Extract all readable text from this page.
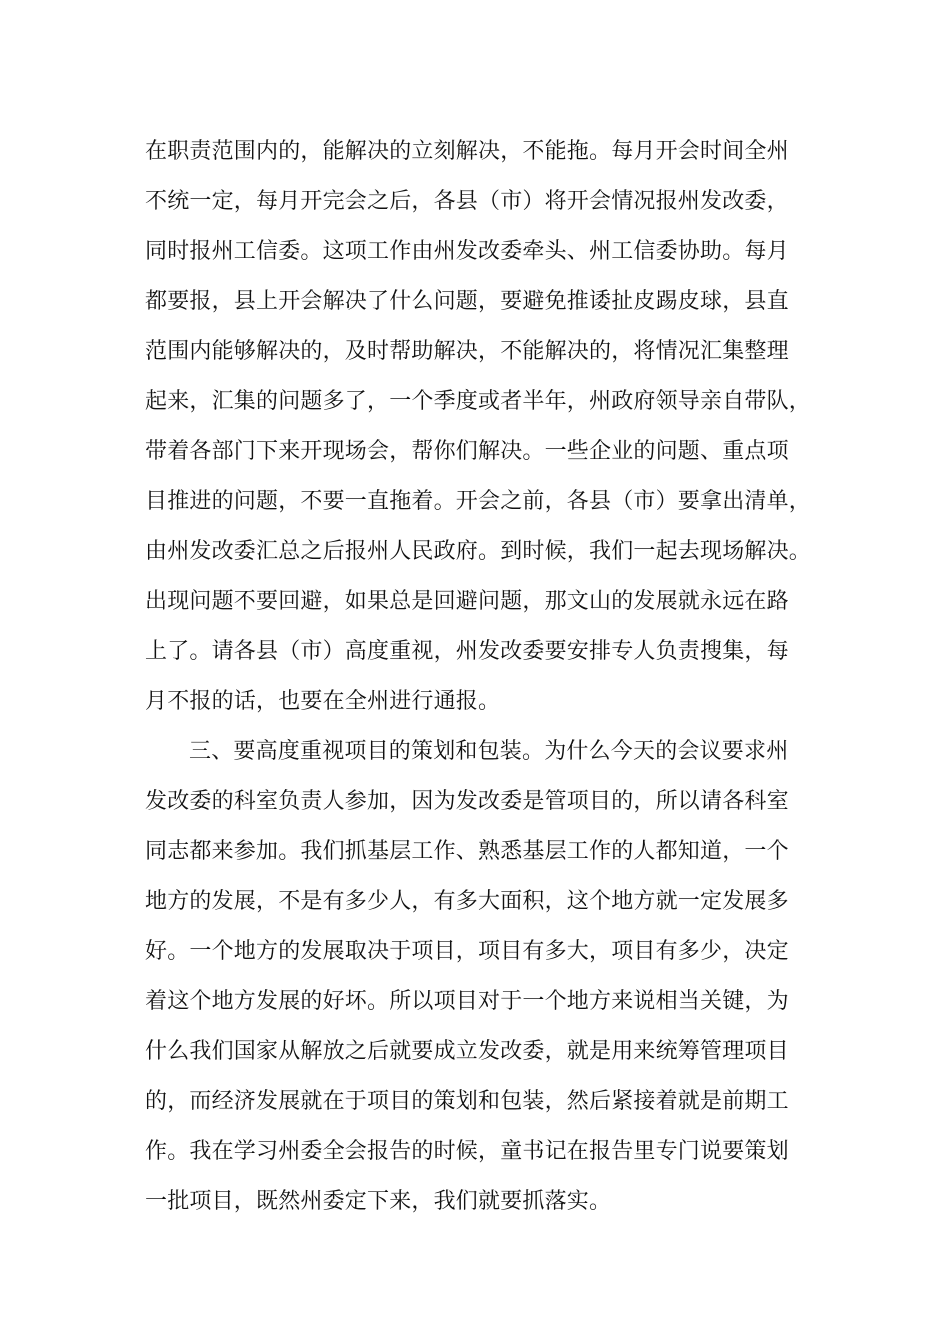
在职责范围内的，能解决的立刻解决，不能拖。每月开会时间全州
不统一定，每月开完会之后，各县（市）将开会情况报州发改委，
同时报州工信委。这项工作由州发改委牵头、州工信委协助。每月
都要报，县上开会解决了什么问题，要避免推诿扯皮踢皮球，县直
范围内能够解决的，及时帮助解决，不能解决的，将情况汇集整理
起来，汇集的问题多了，一个季度或者半年，州政府领导亲自带队，
带着各部门下来开现场会，帮你们解决。一些企业的问题、重点项
目推进的问题，不要一直拖着。开会之前，各县（市）要拿出清单，
由州发改委汇总之后报州人民政府。到时候，我们一起去现场解决。
出现问题不要回避，如果总是回避问题，那文山的发展就永远在路
上了。请各县（市）高度重视，州发改委要安排专人负责搜集，每
月不报的话，也要在全州进行通报。
三、要高度重视项目的策划和包装。为什么今天的会议要求州
发改委的科室负责人参加，因为发改委是管项目的，所以请各科室
同志都来参加。我们抓基层工作、熟悉基层工作的人都知道，一个
地方的发展，不是有多少人，有多大面积，这个地方就一定发展多
好。一个地方的发展取决于项目，项目有多大，项目有多少，决定
着这个地方发展的好坏。所以项目对于一个地方来说相当关键，为
什么我们国家从解放之后就要成立发改委，就是用来统筹管理项目
的，而经济发展就在于项目的策划和包装，然后紧接着就是前期工
作。我在学习州委全会报告的时候，童书记在报告里专门说要策划
一批项目，既然州委定下来，我们就要抓落实。
